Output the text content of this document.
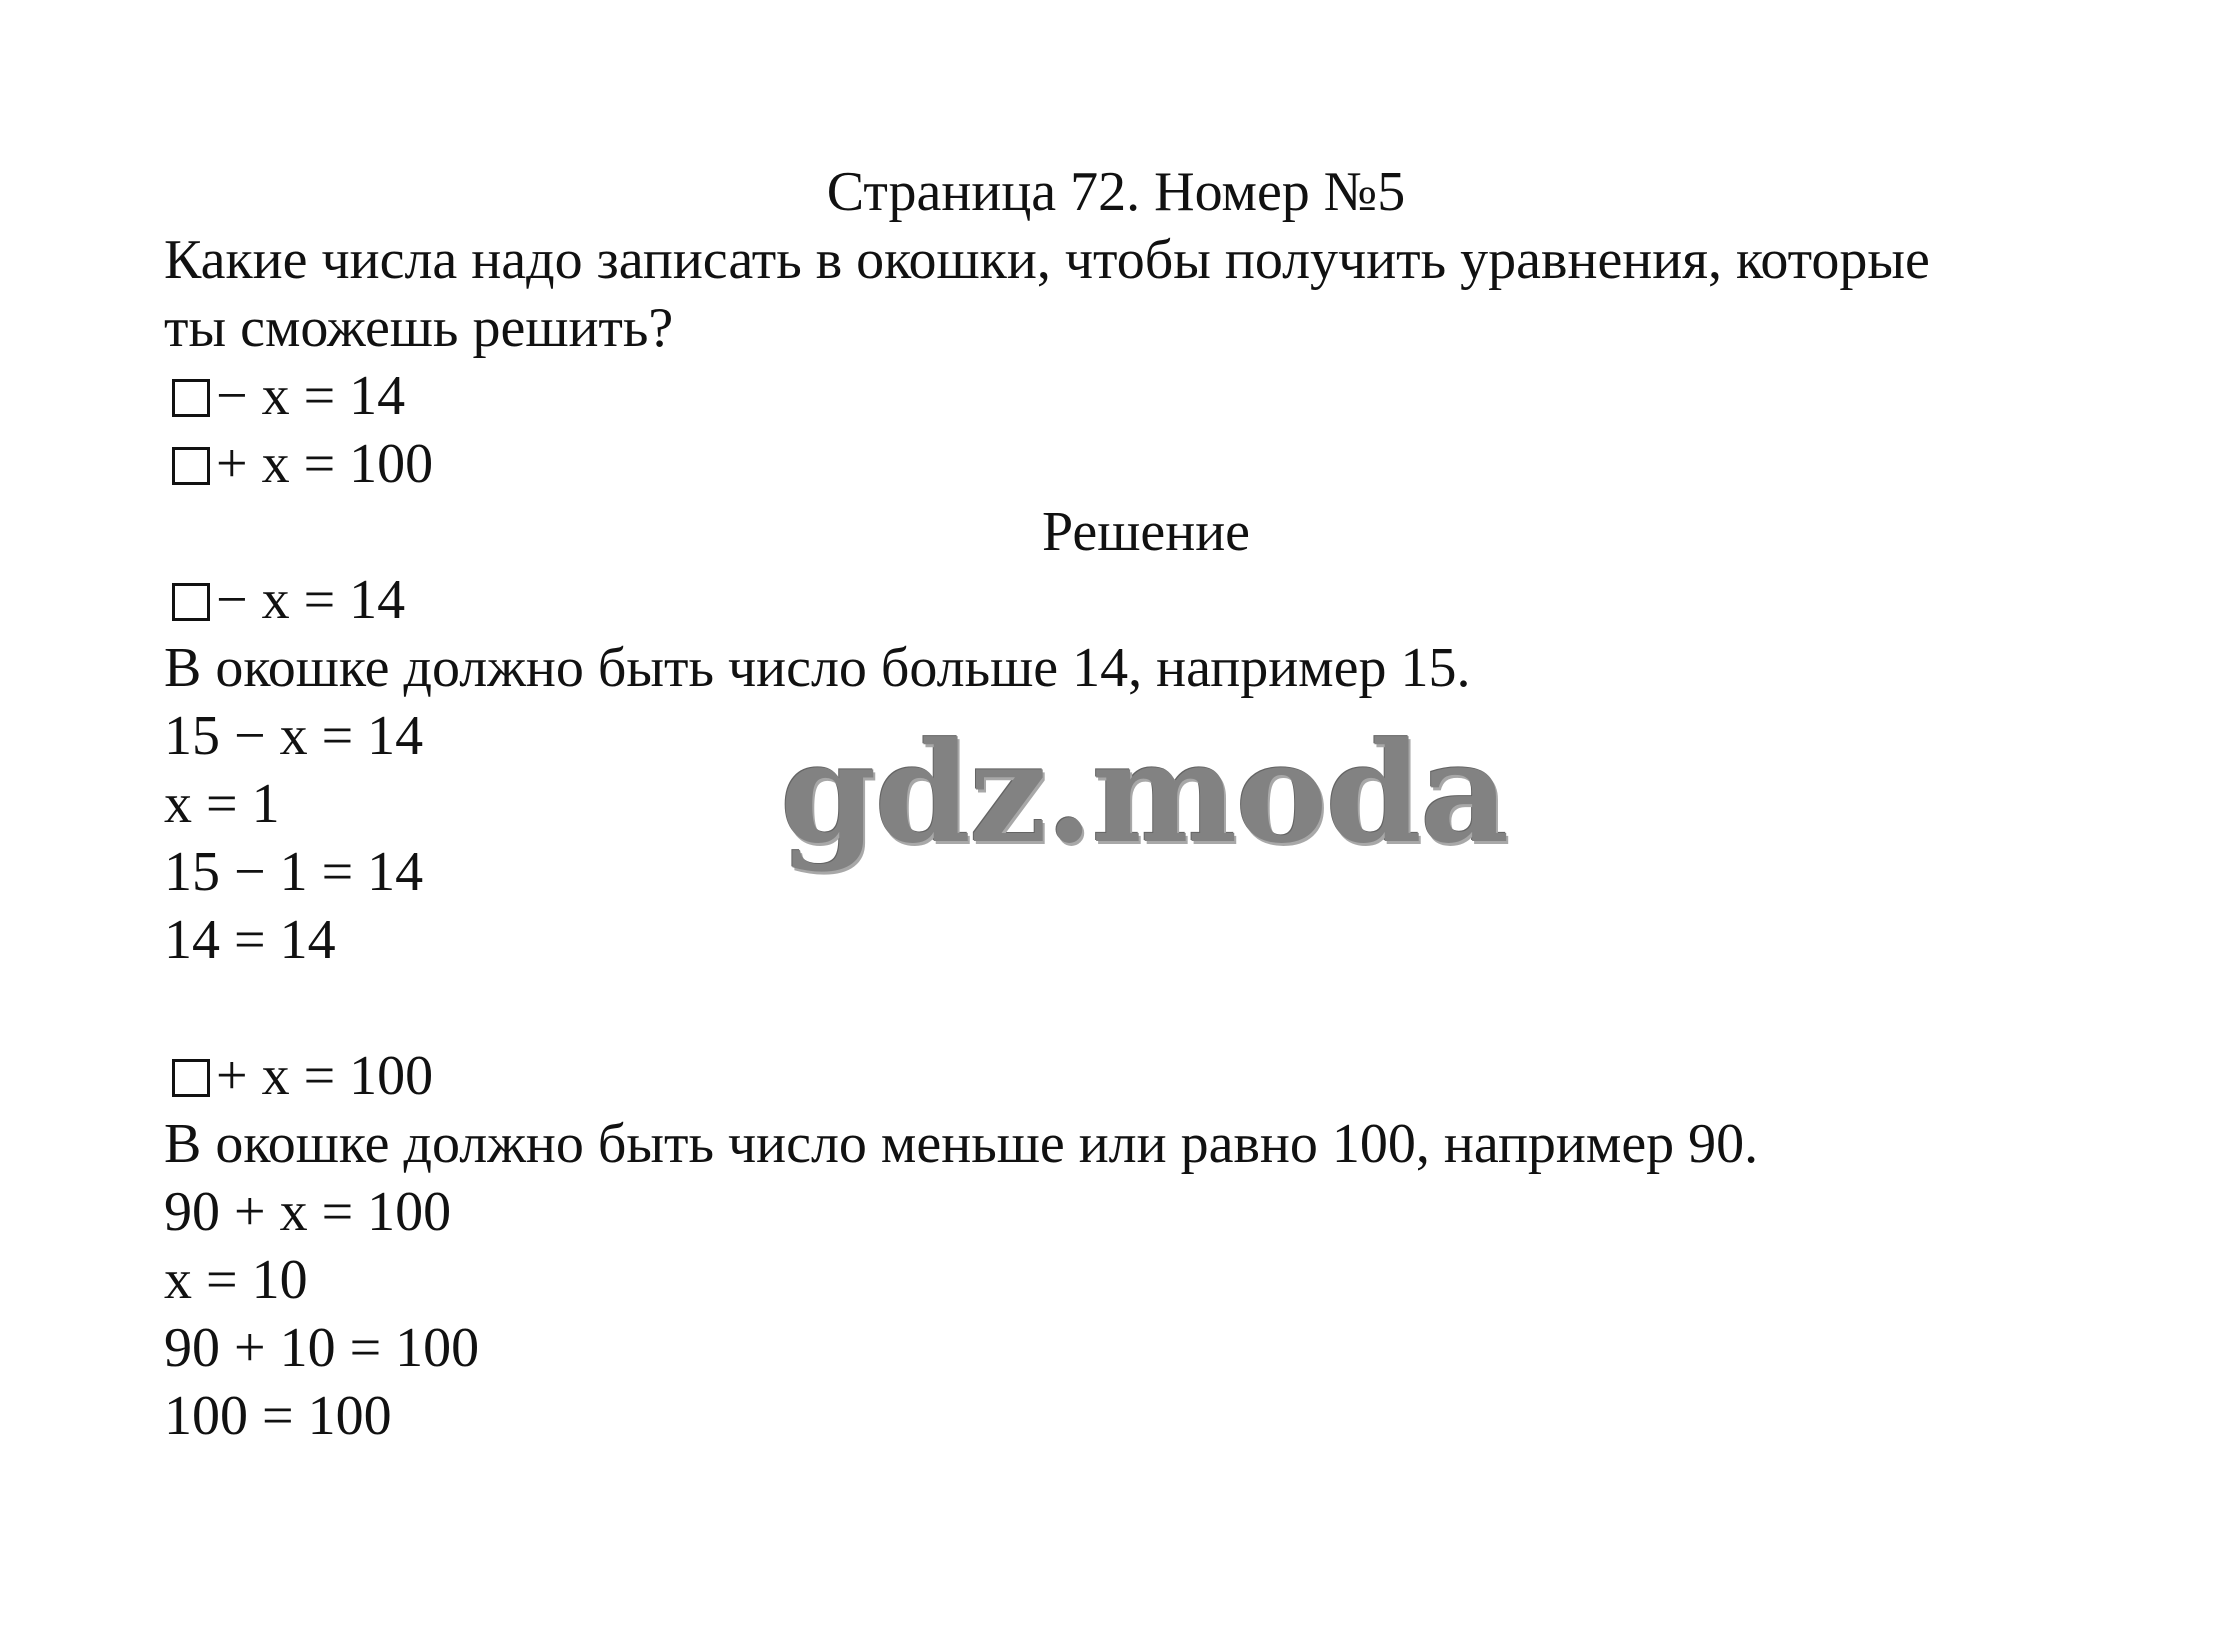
Страница 72. Номер №5
Какие числа надо записать в окошки, чтобы получить уравнения, которые
ты сможешь решить?
− x = 14
+ x = 100
Решение
− x = 14
В окошке должно быть число больше 14, например 15.
15 − x = 14
x = 1
15 − 1 = 14
14 = 14
+ x = 100
В окошке должно быть число меньше или равно 100, например 90.
90 + x = 100
x = 10
90 + 10 = 100
100 = 100
gdz.moda
